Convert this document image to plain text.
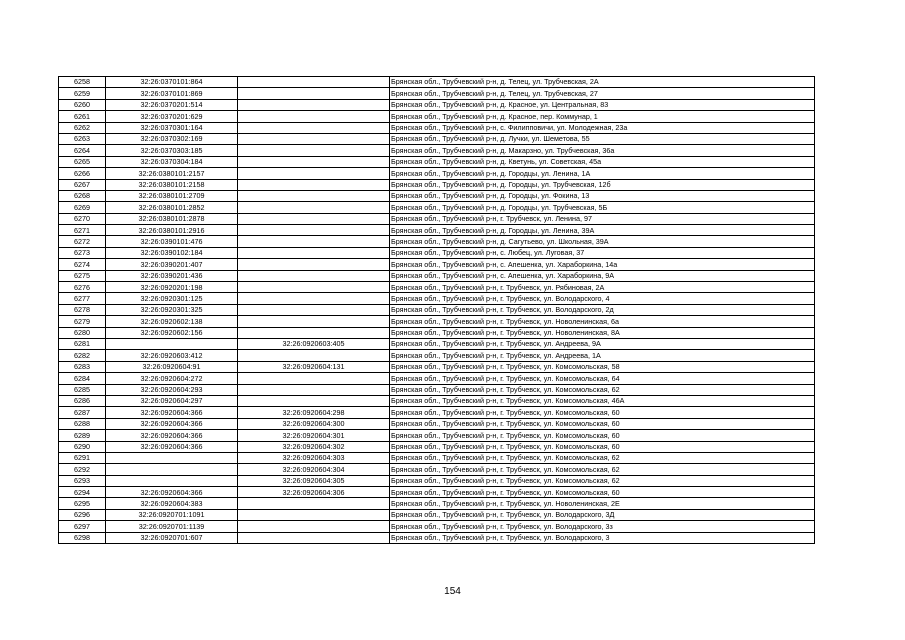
6258	32:26:0370101:864		Брянская обл., Трубчевский р-н, д. Телец, ул. Трубчевская, 2А
6259	32:26:0370101:869		Брянская обл., Трубчевский р-н, д. Телец, ул. Трубчевская, 27
6260	32:26:0370201:514		Брянская обл., Трубчевский р-н, д. Красное, ул. Центральная, 83
6261	32:26:0370201:629		Брянская обл., Трубчевский р-н, д. Красное, пер. Коммунар, 1
6262	32:26:0370301:164		Брянская обл., Трубчевский р-н, с. Филипповичи, ул. Молодежная, 23а
6263	32:26:0370302:169		Брянская обл., Трубчевский р-н, д. Лучки, ул. Шеметова, 55
6264	32:26:0370303:185		Брянская обл., Трубчевский р-н, д. Макарзно, ул. Трубчевская, 36а
6265	32:26:0370304:184		Брянская обл., Трубчевский р-н, д. Кветунь, ул. Советская, 45а
6266	32:26:0380101:2157		Брянская обл., Трубчевский р-н, д. Городцы, ул. Ленина, 1А
6267	32:26:0380101:2158		Брянская обл., Трубчевский р-н, д. Городцы, ул. Трубчевская, 12б
6268	32:26:0380101:2709		Брянская обл., Трубчевский р-н, д. Городцы, ул. Фокина, 13
6269	32:26:0380101:2852		Брянская обл., Трубчевский р-н, д. Городцы, ул. Трубчевская, 5Б
6270	32:26:0380101:2878		Брянская обл., Трубчевский р-н, г. Трубчевск, ул. Ленина, 97
6271	32:26:0380101:2916		Брянская обл., Трубчевский р-н, д. Городцы, ул. Ленина, 39А
6272	32:26:0390101:476		Брянская обл., Трубчевский р-н, д. Сагутьево, ул. Школьная, 39А
6273	32:26:0390102:184		Брянская обл., Трубчевский р-н, с. Любец, ул. Луговая, 37
6274	32:26:0390201:407		Брянская обл., Трубчевский р-н, с. Апешенка, ул. Хараборкина, 14а
6275	32:26:0390201:436		Брянская обл., Трубчевский р-н, с. Апешенка, ул. Хараборкина, 9А
6276	32:26:0920201:198		Брянская обл., Трубчевский р-н, г. Трубчевск, ул. Рябиновая, 2А
6277	32:26:0920301:125		Брянская обл., Трубчевский р-н, г. Трубчевск, ул. Володарского, 4
6278	32:26:0920301:325		Брянская обл., Трубчевский р-н, г. Трубчевск, ул. Володарского, 2д
6279	32:26:0920602:138		Брянская обл., Трубчевский р-н, г. Трубчевск, ул. Новоленинская, 6а
6280	32:26:0920602:156		Брянская обл., Трубчевский р-н, г. Трубчевск, ул. Новоленинская, 8А
6281		32:26:0920603:405	Брянская обл., Трубчевский р-н, г. Трубчевск, ул. Андреева, 9А
6282	32:26:0920603:412		Брянская обл., Трубчевский р-н, г. Трубчевск, ул. Андреева, 1А
6283	32:26:0920604:91	32:26:0920604:131	Брянская обл., Трубчевский р-н, г. Трубчевск, ул. Комсомольская, 58
6284	32:26:0920604:272		Брянская обл., Трубчевский р-н, г. Трубчевск, ул. Комсомольская, 64
6285	32:26:0920604:293		Брянская обл., Трубчевский р-н, г. Трубчевск, ул. Комсомольская, 62
6286	32:26:0920604:297		Брянская обл., Трубчевский р-н, г. Трубчевск, ул. Комсомольская, 46А
6287	32:26:0920604:366	32:26:0920604:298	Брянская обл., Трубчевский р-н, г. Трубчевск, ул. Комсомольская, 60
6288	32:26:0920604:366	32:26:0920604:300	Брянская обл., Трубчевский р-н, г. Трубчевск, ул. Комсомольская, 60
6289	32:26:0920604:366	32:26:0920604:301	Брянская обл., Трубчевский р-н, г. Трубчевск, ул. Комсомольская, 60
6290	32:26:0920604:366	32:26:0920604:302	Брянская обл., Трубчевский р-н, г. Трубчевск, ул. Комсомольская, 60
6291		32:26:0920604:303	Брянская обл., Трубчевский р-н, г. Трубчевск, ул. Комсомольская, 62
6292		32:26:0920604:304	Брянская обл., Трубчевский р-н, г. Трубчевск, ул. Комсомольская, 62
6293		32:26:0920604:305	Брянская обл., Трубчевский р-н, г. Трубчевск, ул. Комсомольская, 62
6294	32:26:0920604:366	32:26:0920604:306	Брянская обл., Трубчевский р-н, г. Трубчевск, ул. Комсомольская, 60
6295	32:26:0920604:383		Брянская обл., Трубчевский р-н, г. Трубчевск, ул. Новоленинская, 2Е
6296	32:26:0920701:1091		Брянская обл., Трубчевский р-н, г. Трубчевск, ул. Володарского, 3Д
6297	32:26:0920701:1139		Брянская обл., Трубчевский р-н, г. Трубчевск, ул. Володарского, 3з
6298	32:26:0920701:607		Брянская обл., Трубчевский р-н, г. Трубчевск, ул. Володарского, 3
154
